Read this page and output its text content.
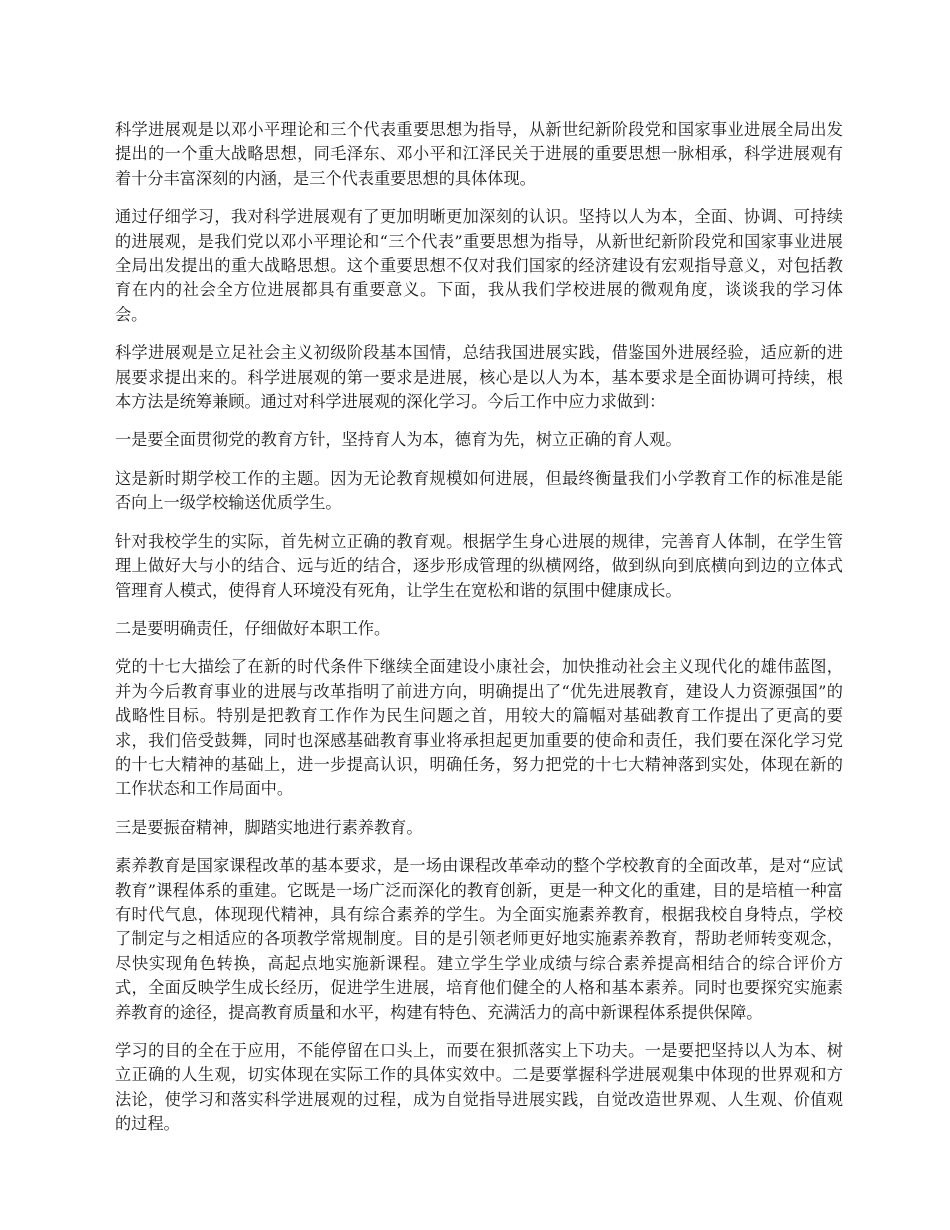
科学进展观是以邓小平理论和三个代表重要思想为指导，从新世纪新阶段党和国家事业进展全局出发提出的一个重大战略思想，同毛泽东、邓小平和江泽民关于进展的重要思想一脉相承，科学进展观有着十分丰富深刻的内涵，是三个代表重要思想的具体体现。

通过仔细学习，我对科学进展观有了更加明晰更加深刻的认识。坚持以人为本，全面、协调、可持续的进展观，是我们党以邓小平理论和“三个代表”重要思想为指导，从新世纪新阶段党和国家事业进展全局出发提出的重大战略思想。这个重要思想不仅对我们国家的经济建设有宏观指导意义，对包括教育在内的社会全方位进展都具有重要意义。下面，我从我们学校进展的微观角度，谈谈我的学习体会。

科学进展观是立足社会主义初级阶段基本国情，总结我国进展实践，借鉴国外进展经验，适应新的进展要求提出来的。科学进展观的第一要求是进展，核心是以人为本，基本要求是全面协调可持续，根本方法是统筹兼顾。通过对科学进展观的深化学习。今后工作中应力求做到：

一是要全面贯彻党的教育方针，坚持育人为本，德育为先，树立正确的育人观。

这是新时期学校工作的主题。因为无论教育规模如何进展，但最终衡量我们小学教育工作的标准是能否向上一级学校输送优质学生。

针对我校学生的实际，首先树立正确的教育观。根据学生身心进展的规律，完善育人体制，在学生管理上做好大与小的结合、远与近的结合，逐步形成管理的纵横网络，做到纵向到底横向到边的立体式管理育人模式，使得育人环境没有死角，让学生在宽松和谐的氛围中健康成长。

二是要明确责任，仔细做好本职工作。

党的十七大描绘了在新的时代条件下继续全面建设小康社会，加快推动社会主义现代化的雄伟蓝图，并为今后教育事业的进展与改革指明了前进方向，明确提出了“优先进展教育，建设人力资源强国”的战略性目标。特别是把教育工作作为民生问题之首，用较大的篇幅对基础教育工作提出了更高的要求，我们倍受鼓舞，同时也深感基础教育事业将承担起更加重要的使命和责任，我们要在深化学习党的十七大精神的基础上，进一步提高认识，明确任务，努力把党的十七大精神落到实处，体现在新的工作状态和工作局面中。

三是要振奋精神，脚踏实地进行素养教育。

素养教育是国家课程改革的基本要求，是一场由课程改革牵动的整个学校教育的全面改革，是对“应试教育”课程体系的重建。它既是一场广泛而深化的教育创新，更是一种文化的重建，目的是培植一种富有时代气息，体现现代精神，具有综合素养的学生。为全面实施素养教育，根据我校自身特点，学校了制定与之相适应的各项教学常规制度。目的是引领老师更好地实施素养教育，帮助老师转变观念，尽快实现角色转换，高起点地实施新课程。建立学生学业成绩与综合素养提高相结合的综合评价方式，全面反映学生成长经历，促进学生进展，培育他们健全的人格和基本素养。同时也要探究实施素养教育的途径，提高教育质量和水平，构建有特色、充满活力的高中新课程体系提供保障。

学习的目的全在于应用，不能停留在口头上，而要在狠抓落实上下功夫。一是要把坚持以人为本、树立正确的人生观，切实体现在实际工作的具体实效中。二是要掌握科学进展观集中体现的世界观和方法论，使学习和落实科学进展观的过程，成为自觉指导进展实践，自觉改造世界观、人生观、价值观的过程。
